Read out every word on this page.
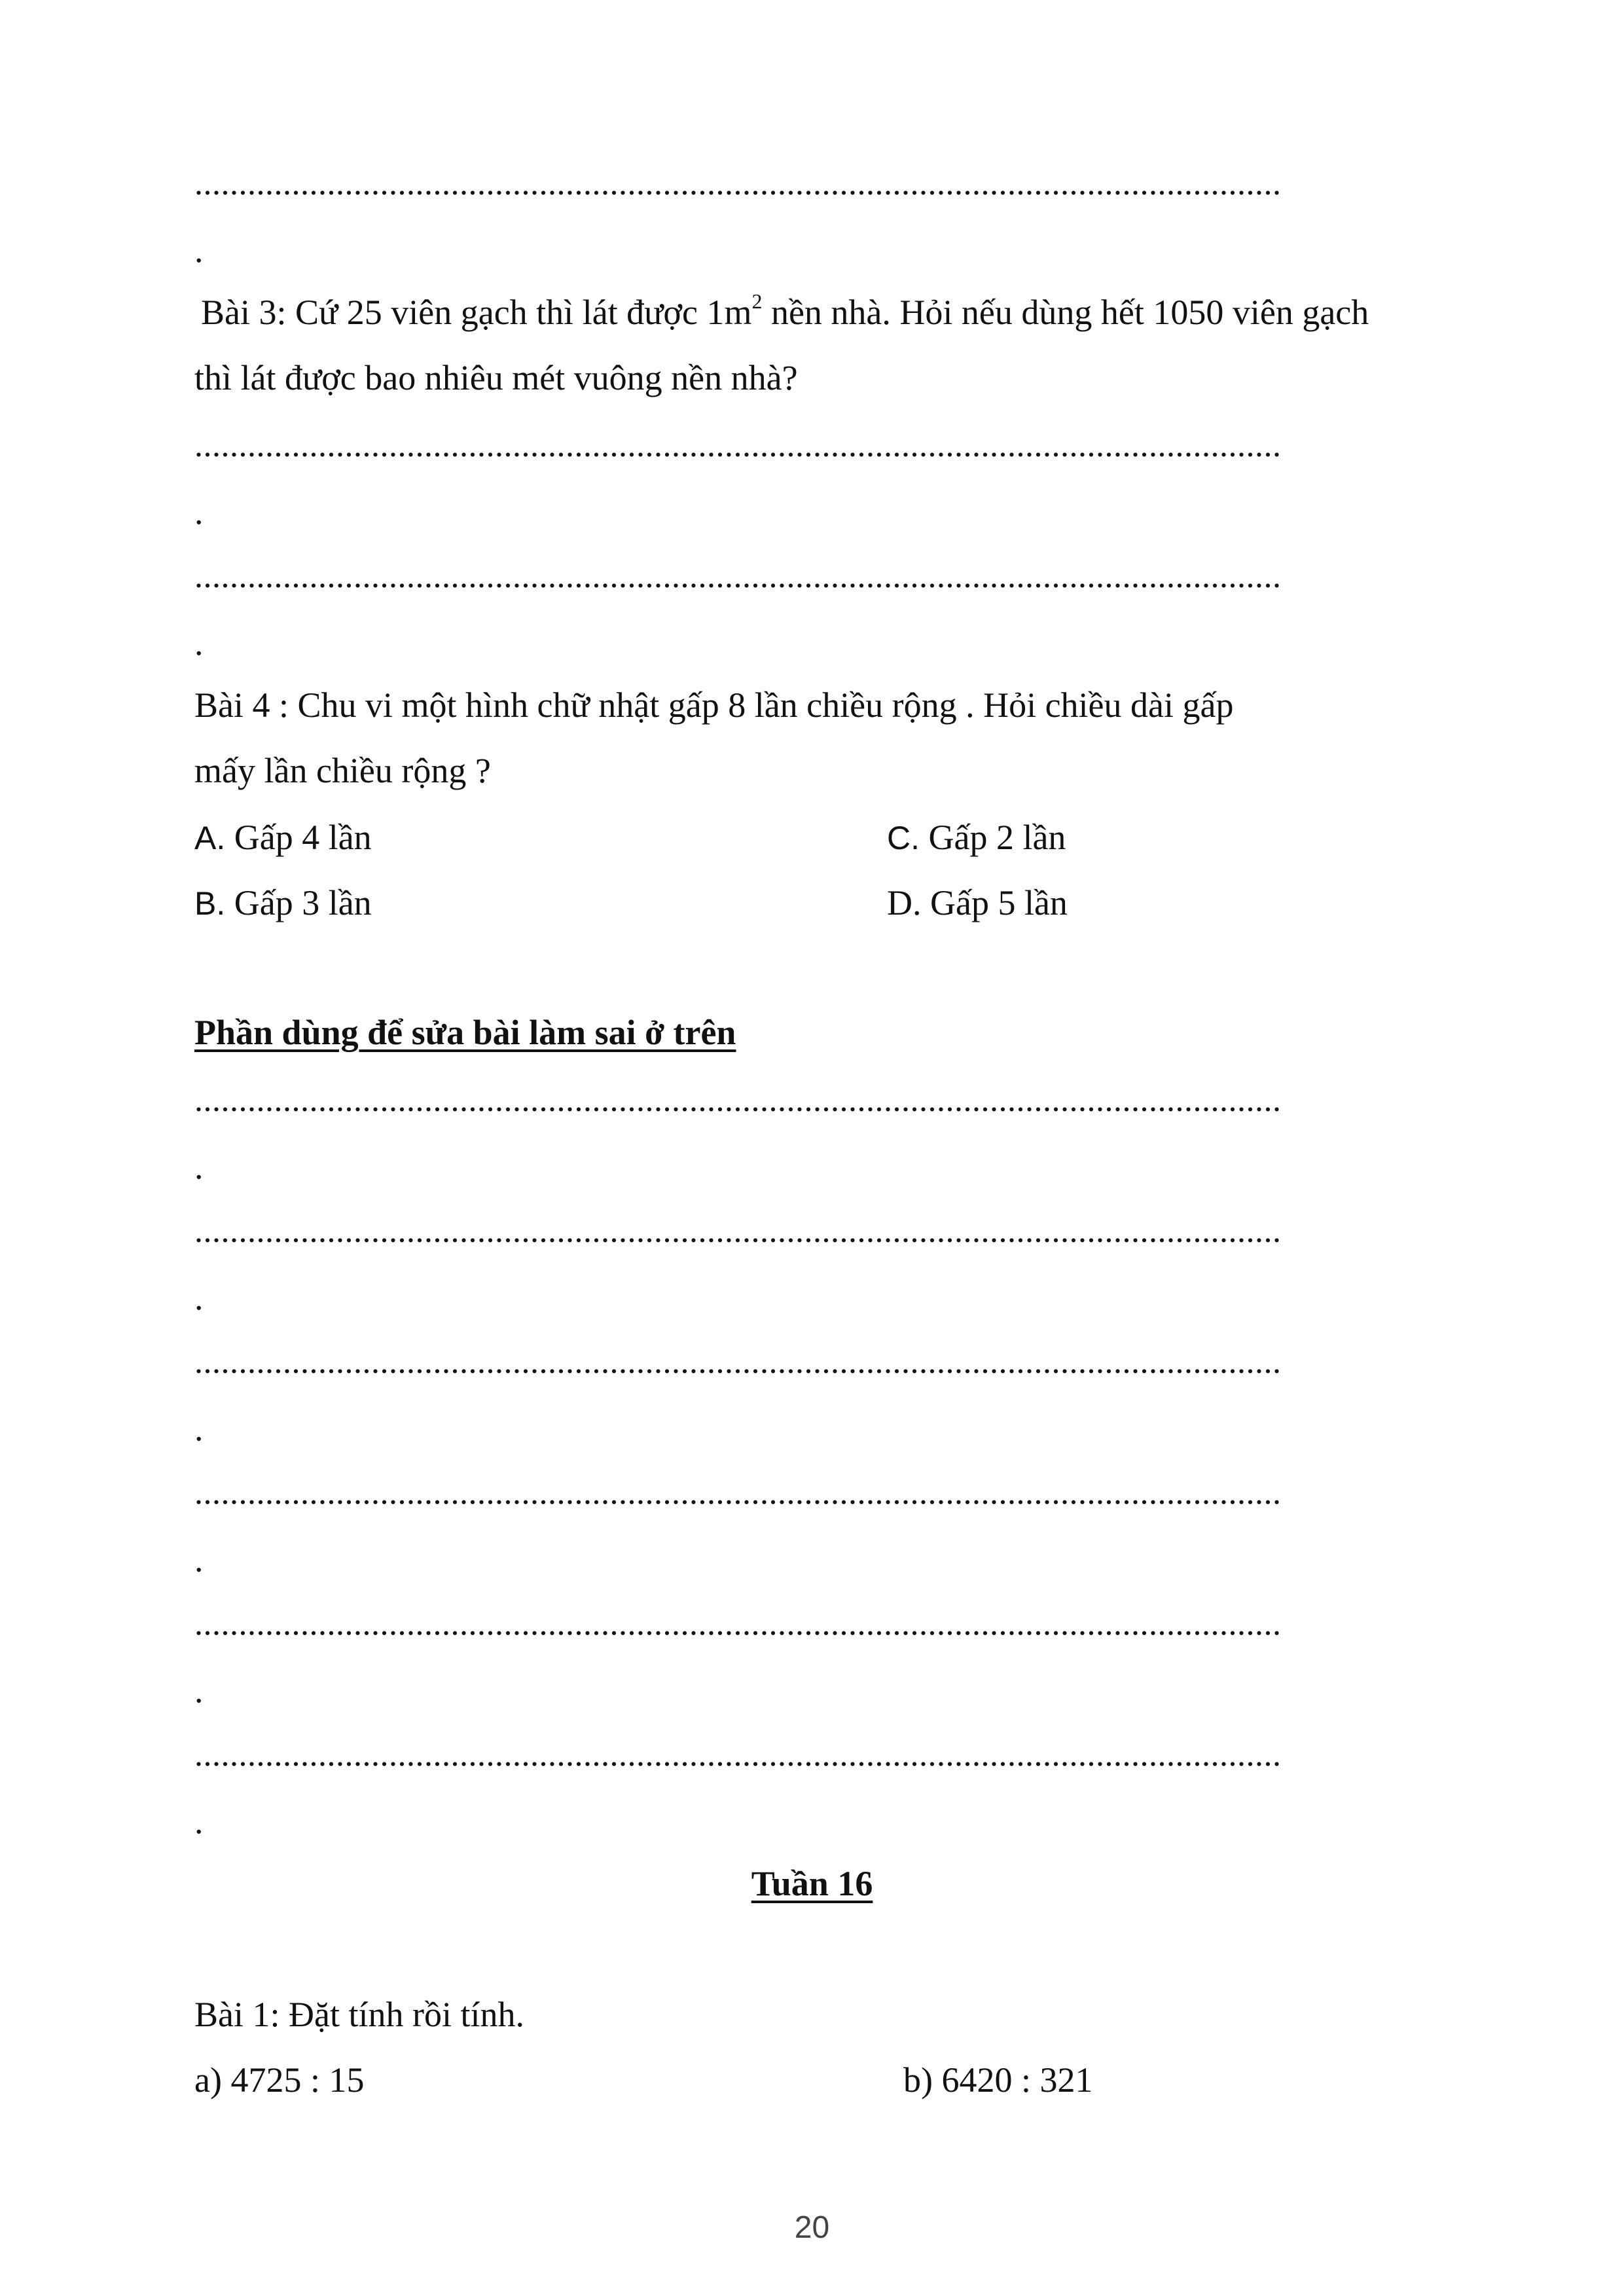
...........................................................................................................................
.
Bài 3: Cứ 25 viên gạch thì lát được $1m^2$ nền nhà. Hỏi nếu dùng hết 1050 viên gạch
thì lát được bao nhiêu mét vuông nền nhà?
...........................................................................................................................
.
...........................................................................................................................
.
Bài 4 : Chu vi một hình chữ nhật gấp 8 lần chiều rộng . Hỏi chiều dài gấp
mấy lần chiều rộng ?
A. Gấp 4 lần	C. Gấp 2 lần
B. Gấp 3 lần	D. Gấp 5 lần
Phần dùng để sửa bài làm sai ở trên
...........................................................................................................................
.
...........................................................................................................................
.
...........................................................................................................................
.
...........................................................................................................................
.
...........................................................................................................................
.
...........................................................................................................................
.
Tuần 16
Bài 1: Đặt tính rồi tính.
a) 4725 : 15	b) 6420 : 321
20
